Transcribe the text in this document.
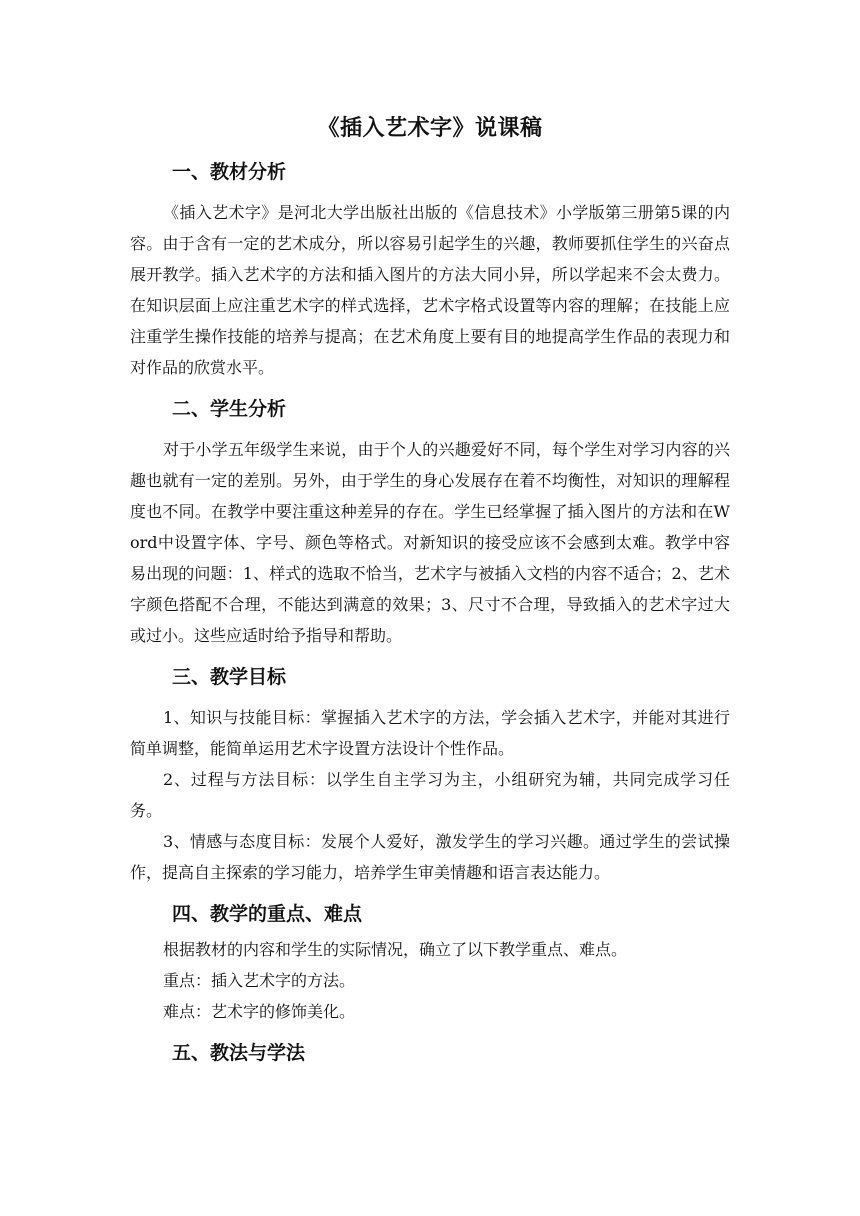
《插入艺术字》说课稿
一、教材分析

《插入艺术字》是河北大学出版社出版的《信息技术》小学版第三册第5课的内容。由于含有一定的艺术成分，所以容易引起学生的兴趣，教师要抓住学生的兴奋点展开教学。插入艺术字的方法和插入图片的方法大同小异，所以学起来不会太费力。在知识层面上应注重艺术字的样式选择，艺术字格式设置等内容的理解；在技能上应注重学生操作技能的培养与提高；在艺术角度上要有目的地提高学生作品的表现力和对作品的欣赏水平。

二、学生分析

对于小学五年级学生来说，由于个人的兴趣爱好不同，每个学生对学习内容的兴趣也就有一定的差别。另外，由于学生的身心发展存在着不均衡性，对知识的理解程度也不同。在教学中要注重这种差异的存在。学生已经掌握了插入图片的方法和在Word中设置字体、字号、颜色等格式。对新知识的接受应该不会感到太难。教学中容易出现的问题：1、样式的选取不恰当，艺术字与被插入文档的内容不适合；2、艺术字颜色搭配不合理，不能达到满意的效果；3、尺寸不合理，导致插入的艺术字过大或过小。这些应适时给予指导和帮助。

三、教学目标

1、知识与技能目标：掌握插入艺术字的方法，学会插入艺术字，并能对其进行简单调整，能简单运用艺术字设置方法设计个性作品。

2、过程与方法目标：以学生自主学习为主，小组研究为辅，共同完成学习任务。

3、情感与态度目标：发展个人爱好，激发学生的学习兴趣。通过学生的尝试操作，提高自主探索的学习能力，培养学生审美情趣和语言表达能力。

四、教学的重点、难点

根据教材的内容和学生的实际情况，确立了以下教学重点、难点。

重点：插入艺术字的方法。

难点：艺术字的修饰美化。

五、教法与学法
